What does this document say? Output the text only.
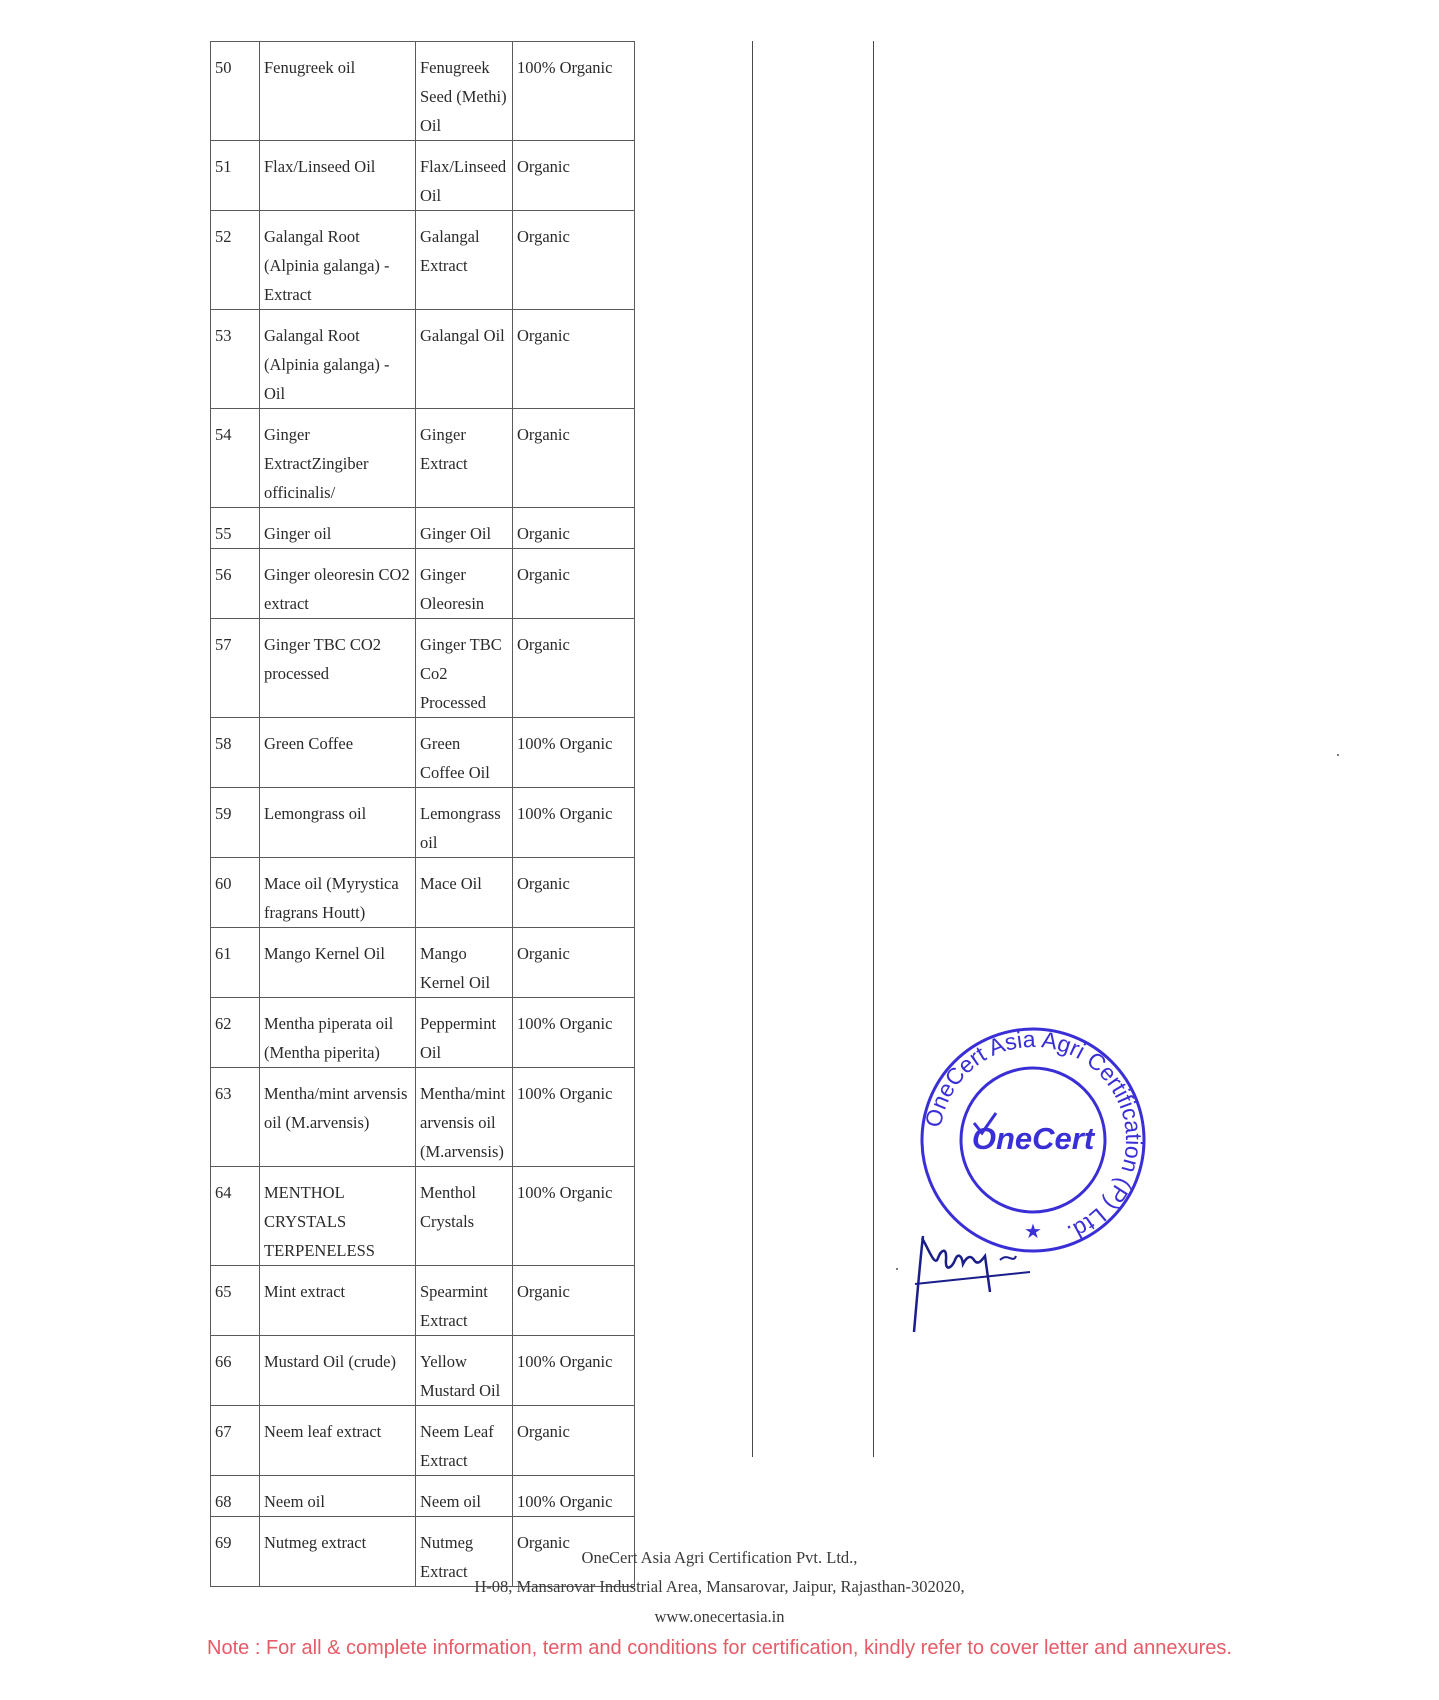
50	Fenugreek oil	Fenugreek Seed (Methi) Oil	100% Organic
51	Flax/Linseed Oil	Flax/Linseed Oil	Organic
52	Galangal Root (Alpinia galanga) - Extract	Galangal Extract	Organic
53	Galangal Root (Alpinia galanga) - Oil	Galangal Oil	Organic
54	Ginger ExtractZingiber officinalis/	Ginger Extract	Organic
55	Ginger oil	Ginger Oil	Organic
56	Ginger oleoresin CO2 extract	Ginger Oleoresin	Organic
57	Ginger TBC CO2 processed	Ginger TBC Co2 Processed	Organic
58	Green Coffee	Green Coffee Oil	100% Organic
59	Lemongrass oil	Lemongrass oil	100% Organic
60	Mace oil (Myrystica fragrans Houtt)	Mace Oil	Organic
61	Mango Kernel Oil	Mango Kernel Oil	Organic
62	Mentha piperata oil (Mentha piperita)	Peppermint Oil	100% Organic
63	Mentha/mint arvensis oil (M.arvensis)	Mentha/mint arvensis oil (M.arvensis)	100% Organic
64	MENTHOL CRYSTALS TERPENELESS	Menthol Crystals	100% Organic
65	Mint extract	Spearmint Extract	Organic
66	Mustard Oil (crude)	Yellow Mustard Oil	100% Organic
67	Neem leaf extract	Neem Leaf Extract	Organic
68	Neem oil	Neem oil	100% Organic
69	Nutmeg extract	Nutmeg Extract	Organic
OneCert Asia Agri Certification (P) Ltd.
OneCert
★
OneCert Asia Agri Certification Pvt. Ltd.,
H-08, Mansarovar Industrial Area, Mansarovar, Jaipur, Rajasthan-302020,
www.onecertasia.in
Note : For all & complete information, term and conditions for certification, kindly refer to cover letter and annexures.
